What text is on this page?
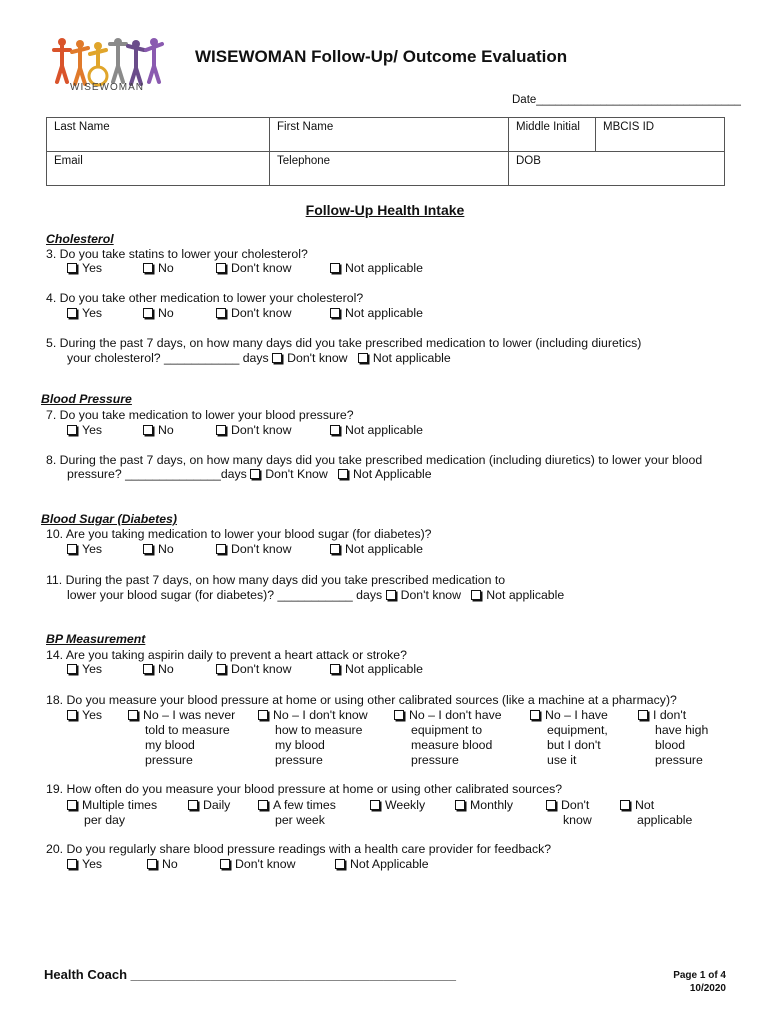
WISEWOMAN
WISEWOMAN Follow-Up/ Outcome Evaluation
Date________________________________
Last Name	First Name	Middle Initial	MBCIS ID
Email	Telephone	DOB	
Follow-Up Health Intake
Cholesterol
3. Do you take statins to lower your cholesterol?
Yes	No	Don't know	Not applicable
4. Do you take other medication to lower your cholesterol?
Yes	No	Don't know	Not applicable
5. During the past 7 days, on how many days did you take prescribed medication to lower (including diuretics)
your cholesterol? ___________ days Don't know Not applicable
Blood Pressure
7. Do you take medication to lower your blood pressure?
Yes	No	Don't know	Not applicable
8. During the past 7 days, on how many days did you take prescribed medication (including diuretics) to lower your blood
pressure? ______________days Don't Know Not Applicable
Blood Sugar (Diabetes)
10. Are you taking medication to lower your blood sugar (for diabetes)?
Yes	No	Don't know	Not applicable
11. During the past 7 days, on how many days did you take prescribed medication to
lower your blood sugar (for diabetes)? ___________ days Don't know Not applicable
BP Measurement
14. Are you taking aspirin daily to prevent a heart attack or stroke?
Yes	No	Don't know	Not applicable
18. Do you measure your blood pressure at home or using other calibrated sources (like a machine at a pharmacy)?
Yes	No – I was never
told to measure
my blood
pressure
No – I don't know
how to measure
my blood
pressure
No – I don't have
equipment to
measure blood
pressure
No – I have
equipment,
but I don't
use it
I don't
have high
blood
pressure
19. How often do you measure your blood pressure at home or using other calibrated sources?
Multiple times
per day
Daily	A few times
per week
Weekly	Monthly	Don't
know
Not
applicable
20. Do you regularly share blood pressure readings with a health care provider for feedback?
Yes	No	Don't know	Not Applicable
Health Coach _____________________________________________	Page 1 of 4
10/2020
